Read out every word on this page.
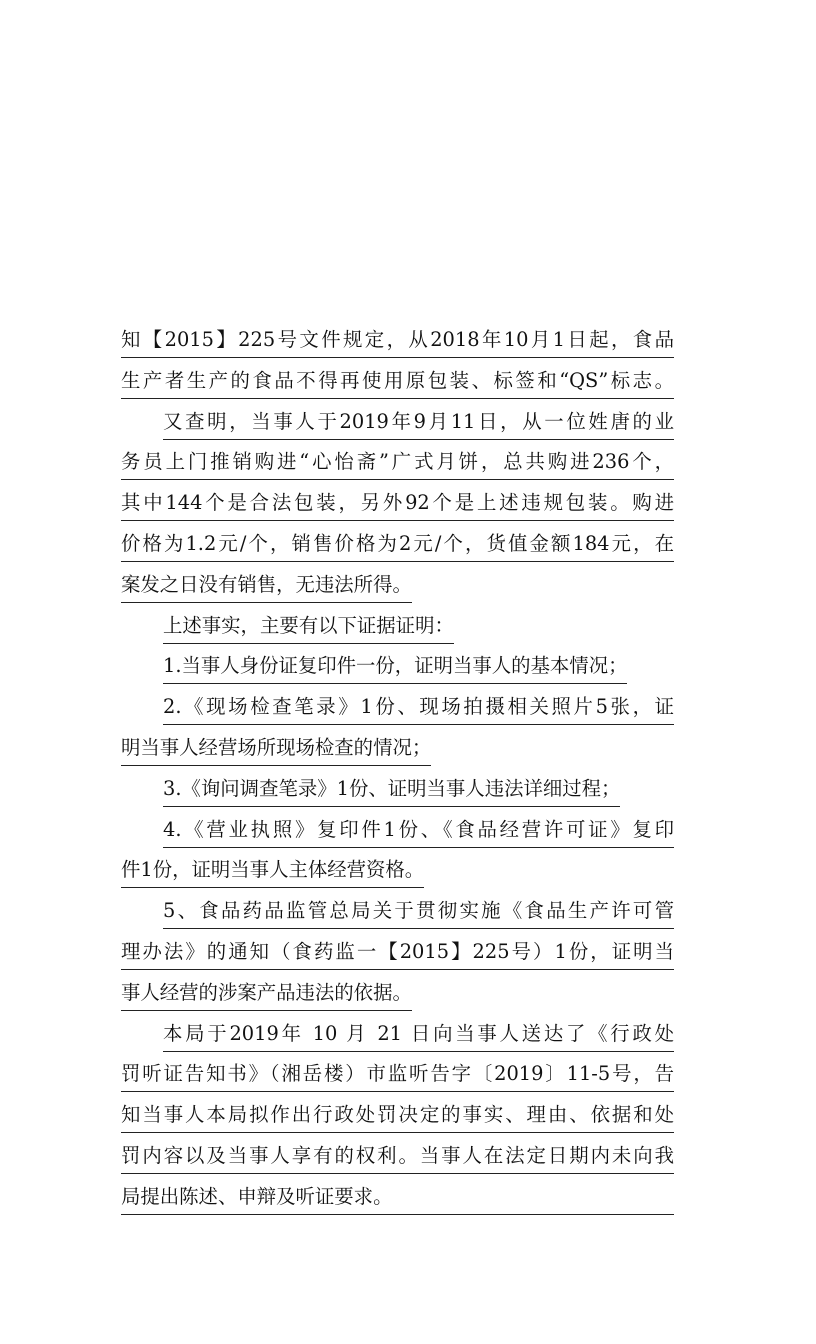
知【2015】225号文件规定，从2018年10月1日起，食品
生产者生产的食品不得再使用原包装、标签和“QS”标志。
又查明，当事人于2019年9月11日，从一位姓唐的业
务员上门推销购进“心怡斋”广式月饼，总共购进236个，
其中144个是合法包装，另外92个是上述违规包装。购进
价格为1.2元/个，销售价格为2元/个，货值金额184元，在
案发之日没有销售，无违法所得。
上述事实，主要有以下证据证明：
1.当事人身份证复印件一份，证明当事人的基本情况；
2.《现场检查笔录》1份、现场拍摄相关照片5张，证
明当事人经营场所现场检查的情况；
3.《询问调查笔录》1份、证明当事人违法详细过程；
4.《营业执照》复印件1份、《食品经营许可证》复印
件1份，证明当事人主体经营资格。
5、食品药品监管总局关于贯彻实施《食品生产许可管
理办法》的通知（食药监一【2015】225号）1份，证明当
事人经营的涉案产品违法的依据。
本局于2019年 10 月 21 日向当事人送达了《行政处
罚听证告知书》（湘岳楼）市监听告字〔2019〕11-5号，告
知当事人本局拟作出行政处罚决定的事实、理由、依据和处
罚内容以及当事人享有的权利。当事人在法定日期内未向我
局提出陈述、申辩及听证要求。
